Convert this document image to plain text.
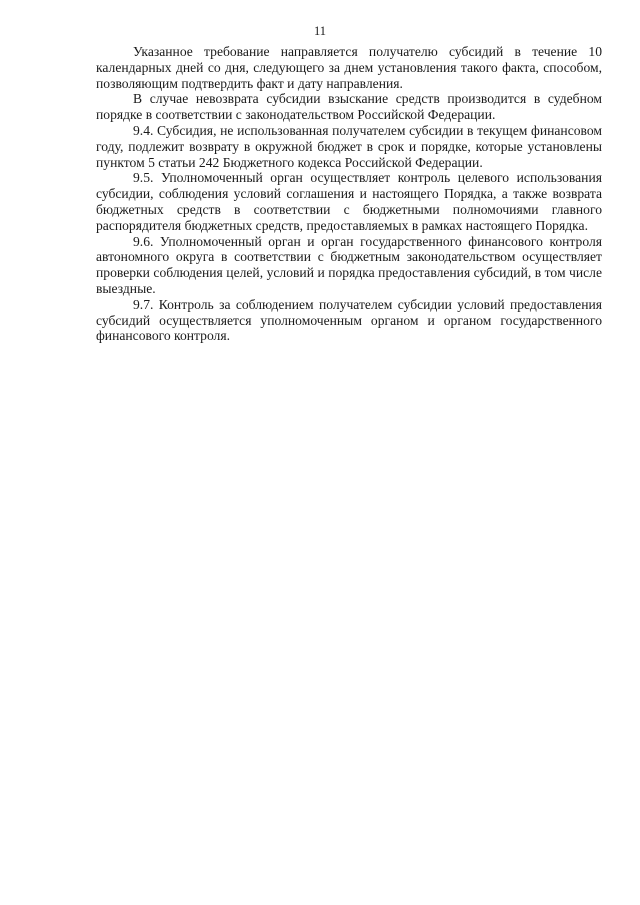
11

Указанное требование направляется получателю субсидий в течение 10 календарных дней со дня, следующего за днем установления такого факта, способом, позволяющим подтвердить факт и дату направления.

В случае невозврата субсидии взыскание средств производится в судебном порядке в соответствии с законодательством Российской Федерации.

9.4. Субсидия, не использованная получателем субсидии в текущем финансовом году, подлежит возврату в окружной бюджет в срок и порядке, которые установлены пунктом 5 статьи 242 Бюджетного кодекса Российской Федерации.

9.5. Уполномоченный орган осуществляет контроль целевого использования субсидии, соблюдения условий соглашения и настоящего Порядка, а также возврата бюджетных средств в соответствии с бюджетными полномочиями главного распорядителя бюджетных средств, предоставляемых в рамках настоящего Порядка.

9.6. Уполномоченный орган и орган государственного финансового контроля автономного округа в соответствии с бюджетным законодательством осуществляет проверки соблюдения целей, условий и порядка предоставления субсидий, в том числе выездные.

9.7. Контроль за соблюдением получателем субсидии условий предоставления субсидий осуществляется уполномоченным органом и органом государственного финансового контроля.
